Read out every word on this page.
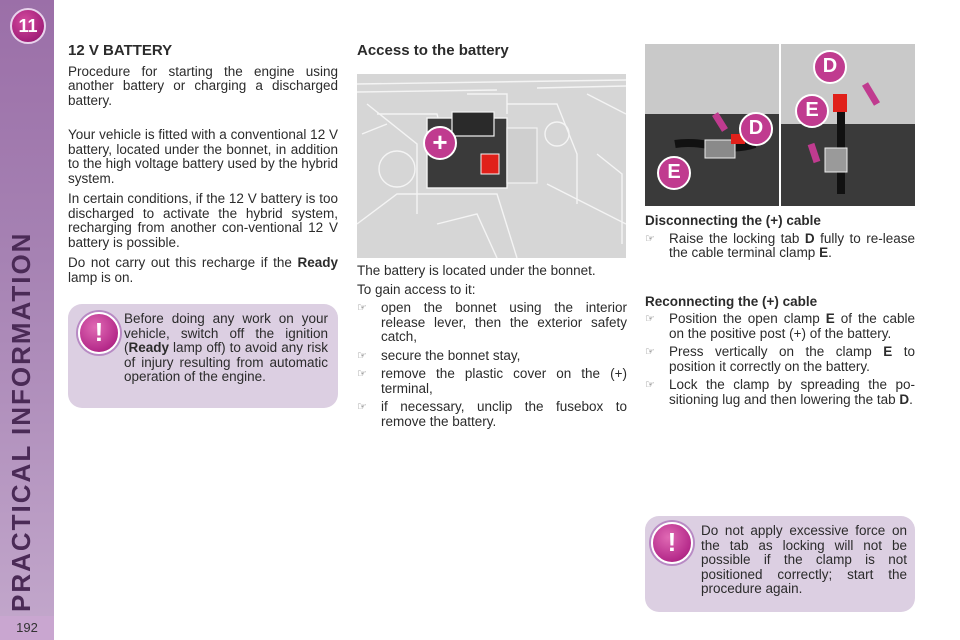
11
PRACTICAL INFORMATION
192
12 V BATTERY

Procedure for starting the engine using another battery or charging a discharged battery.

Your vehicle is fitted with a conventional 12 V battery, located under the bonnet, in addition to the high voltage battery used by the hybrid system.

In certain conditions, if the 12 V battery is too discharged to activate the hybrid system, recharging from another con-ventional 12 V battery is possible.

Do not carry out this recharge if the Ready lamp is on.

!	Before doing any work on your vehicle, switch off the ignition (Ready lamp off) to avoid any risk of injury resulting from automatic operation of the engine.

Access to the battery
+

The battery is located under the bonnet.

To gain access to it:

☞ open the bonnet using the interior release lever, then the exterior safety catch,
☞ secure the bonnet stay,
☞ remove the plastic cover on the (+) terminal,
☞ if necessary, unclip the fusebox to remove the battery.
D
E
D
E

Disconnecting the (+) cable

☞ Raise the locking tab D fully to re-lease the cable terminal clamp E.

Reconnecting the (+) cable

☞ Position the open clamp E of the cable on the positive post (+) of the battery.
☞ Press vertically on the clamp E to position it correctly on the battery.
☞ Lock the clamp by spreading the po-sitioning lug and then lowering the tab D.
!	Do not apply excessive force on the tab as locking will not be possible if the clamp is not positioned correctly; start the procedure again.
